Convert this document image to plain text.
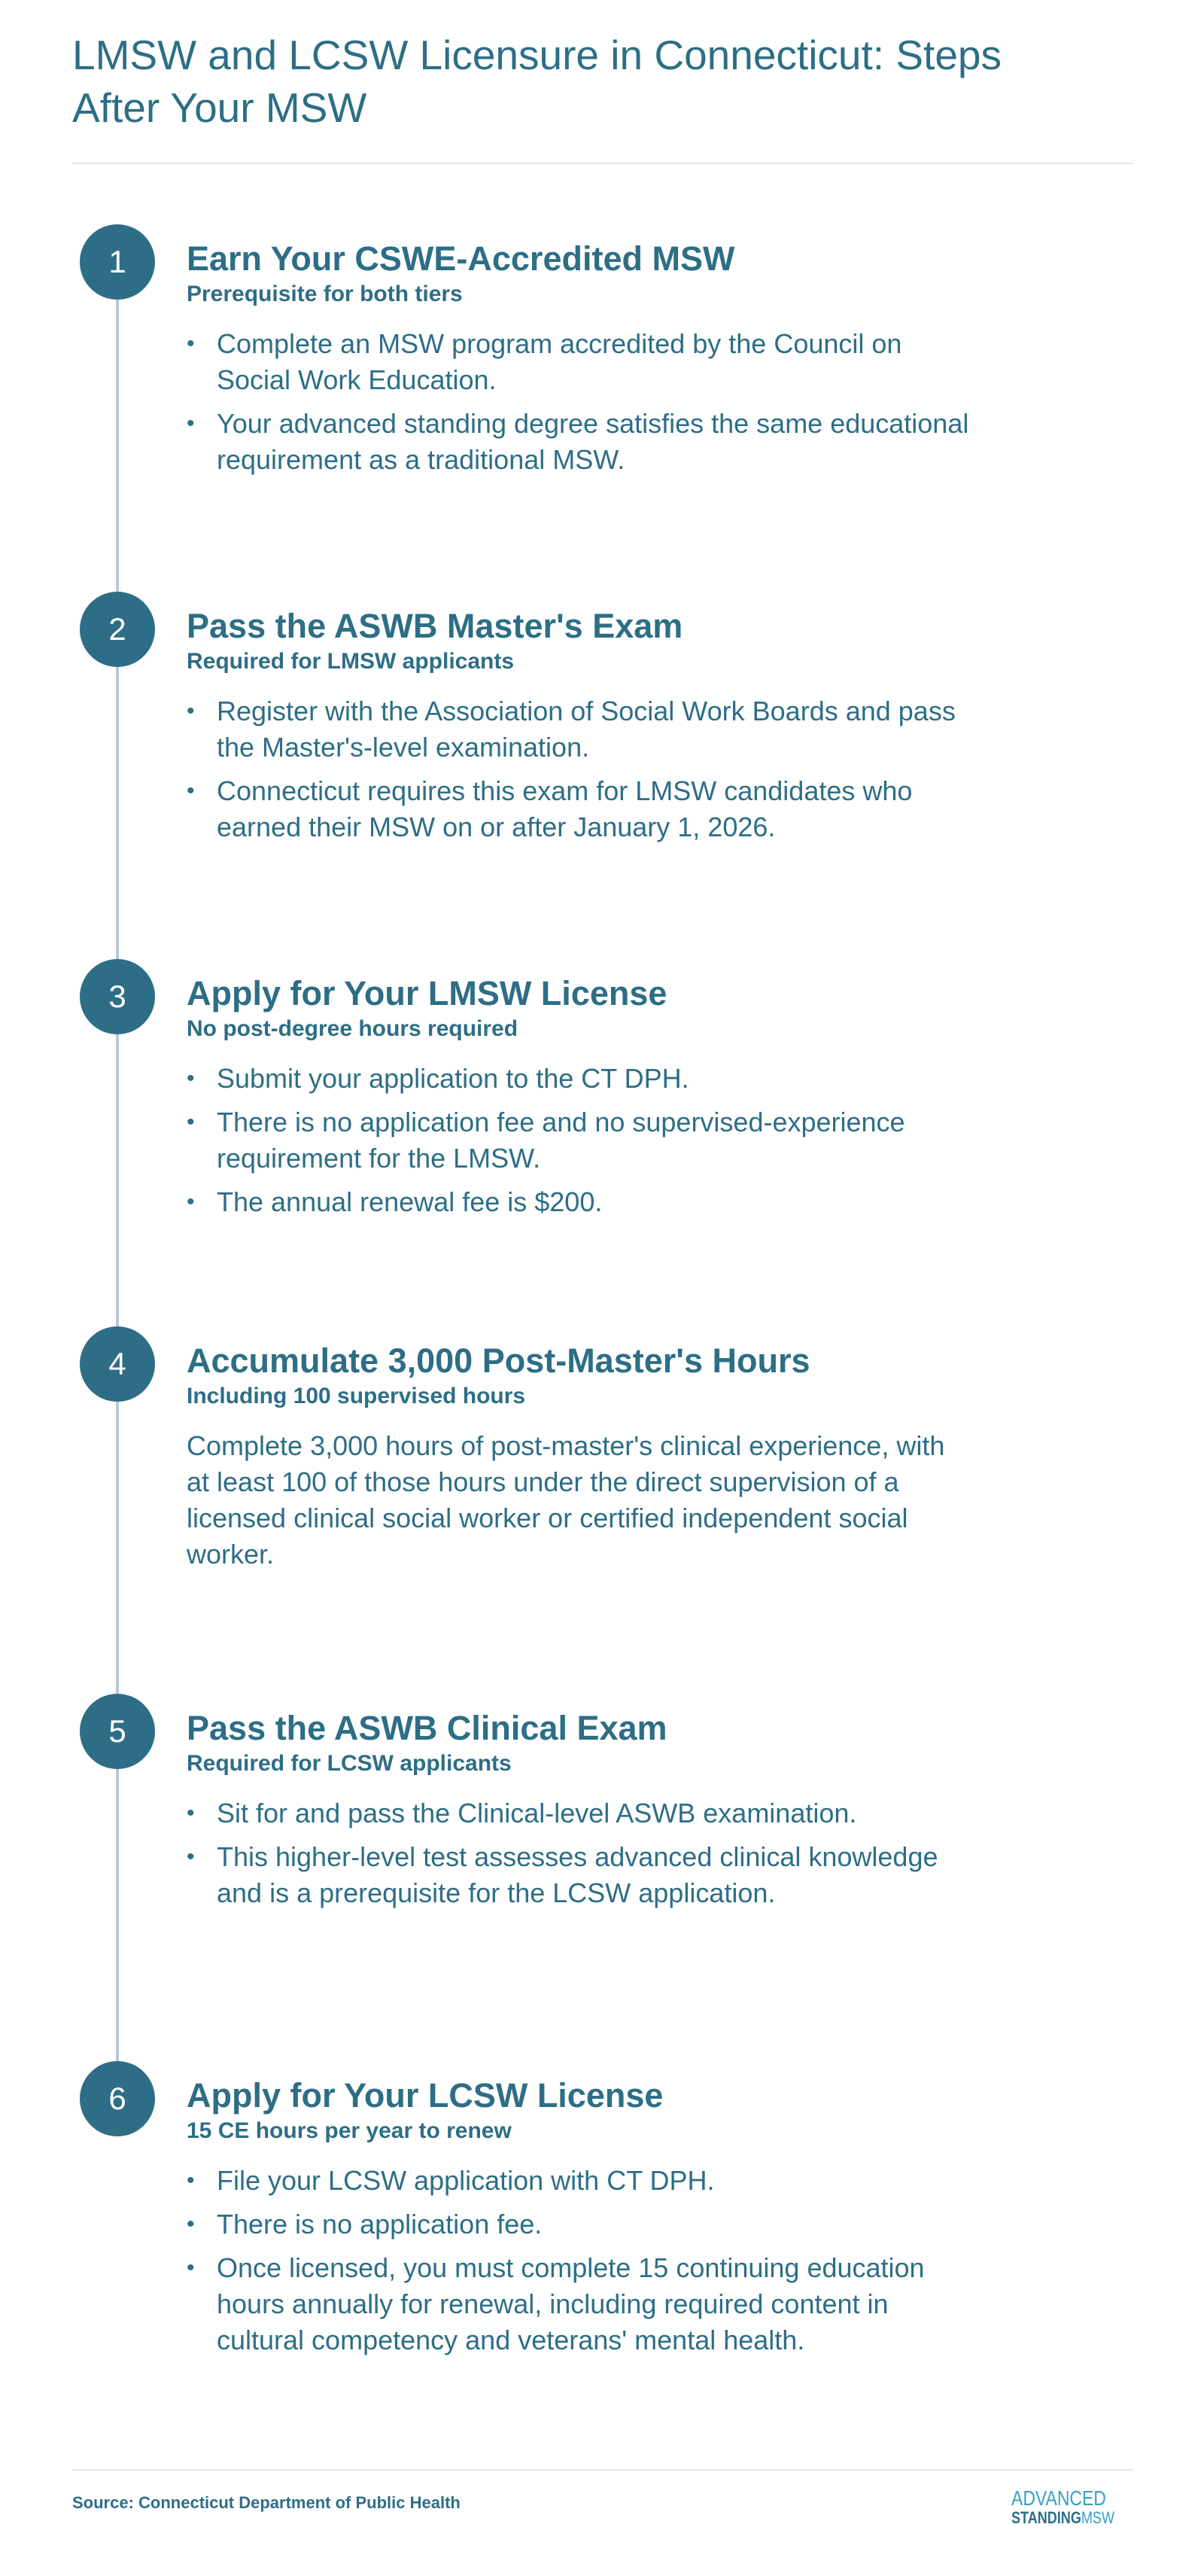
LMSW and LCSW Licensure in Connecticut: Steps After Your MSW
1	Earn Your CSWE-Accredited MSW
Prerequisite for both tiers
• Complete an MSW program accredited by the Council on Social Work Education.
• Your advanced standing degree satisfies the same educational requirement as a traditional MSW.
2	Pass the ASWB Master's Exam
Required for LMSW applicants
• Register with the Association of Social Work Boards and pass the Master's-level examination.
• Connecticut requires this exam for LMSW candidates who earned their MSW on or after January 1, 2026.
3	Apply for Your LMSW License
No post-degree hours required
• Submit your application to the CT DPH.
• There is no application fee and no supervised-experience requirement for the LMSW.
• The annual renewal fee is $200.
4	Accumulate 3,000 Post-Master's Hours
Including 100 supervised hours

Complete 3,000 hours of post-master's clinical experience, with at least 100 of those hours under the direct supervision of a licensed clinical social worker or certified independent social worker.

5	Pass the ASWB Clinical Exam
Required for LCSW applicants
• Sit for and pass the Clinical-level ASWB examination.
• This higher-level test assesses advanced clinical knowledge and is a prerequisite for the LCSW application.
6	Apply for Your LCSW License
15 CE hours per year to renew
• File your LCSW application with CT DPH.
• There is no application fee.
• Once licensed, you must complete 15 continuing education hours annually for renewal, including required content in cultural competency and veterans' mental health.
Source: Connecticut Department of Public Health	ADVANCED
STANDINGMSW
